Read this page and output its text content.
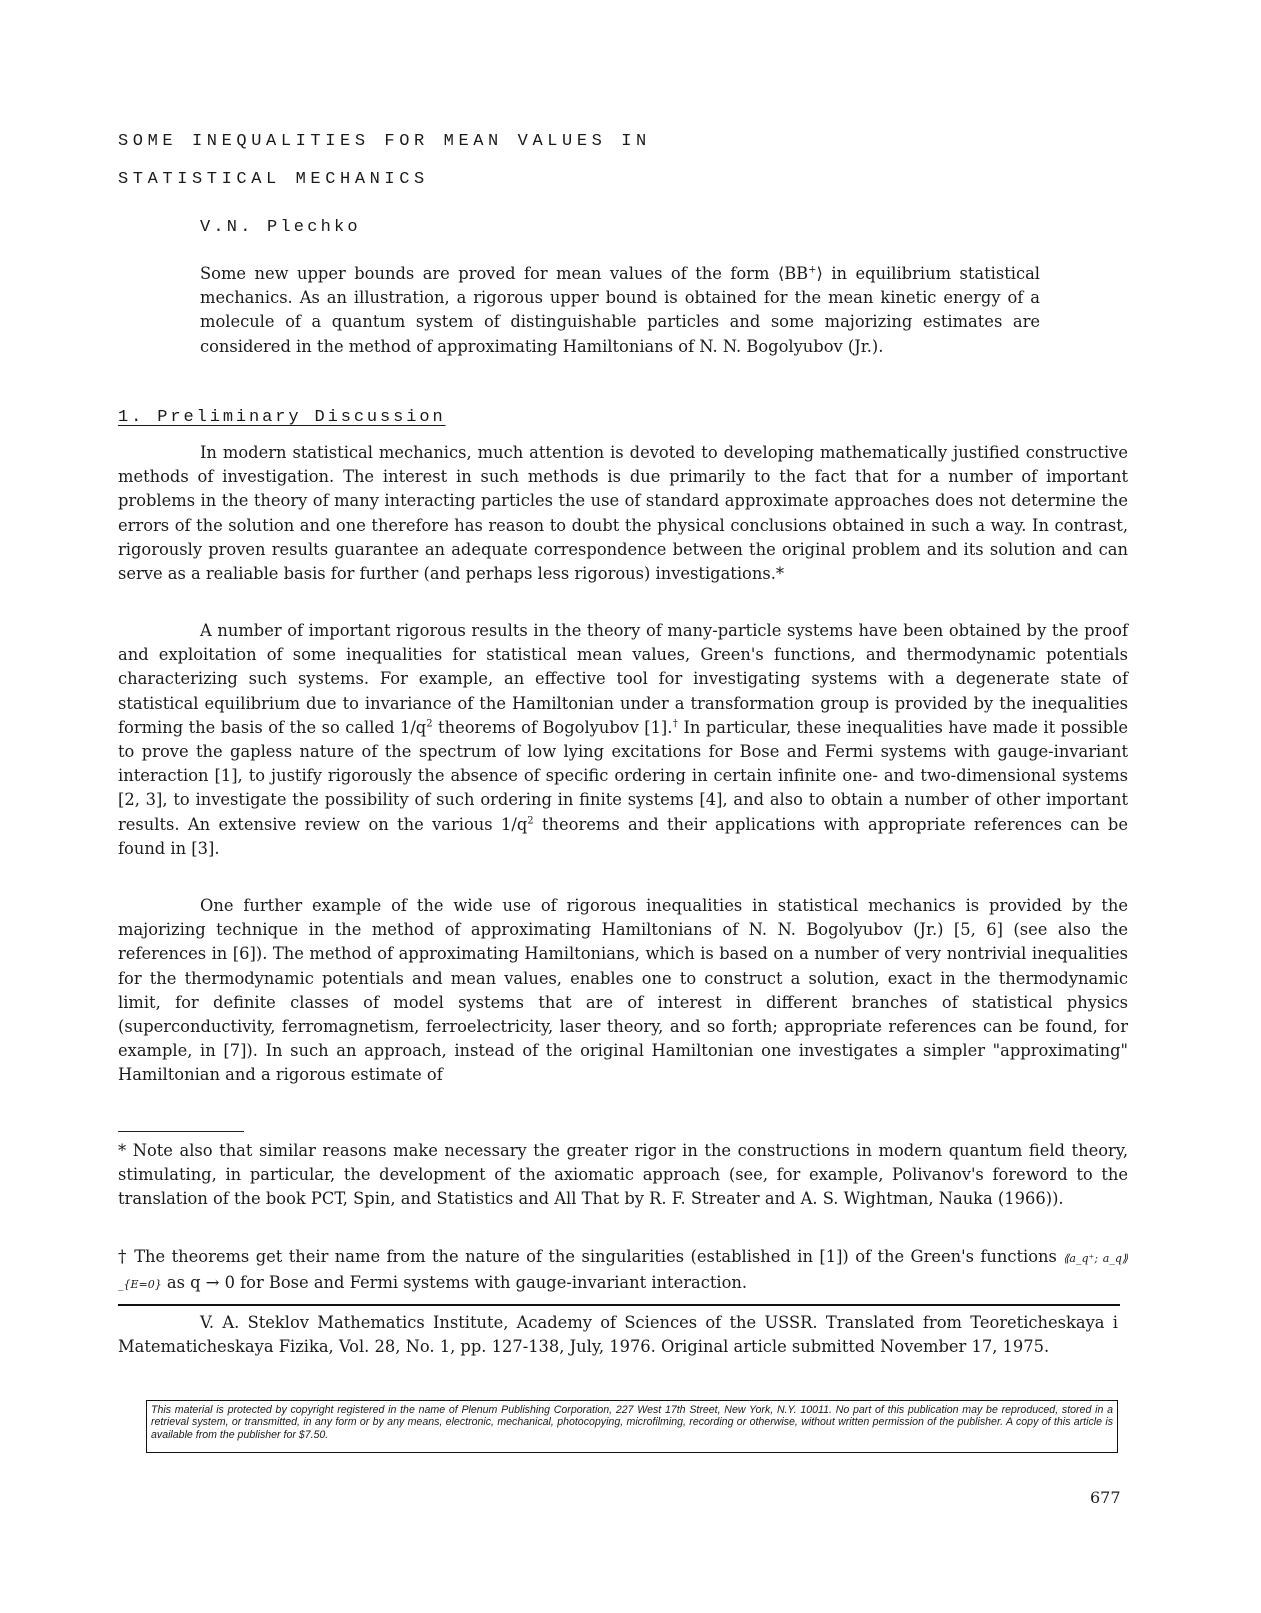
SOME INEQUALITIES FOR MEAN VALUES IN
STATISTICAL MECHANICS
V.N. Plechko
Some new upper bounds are proved for mean values of the form ⟨BB+⟩ in equilibrium statistical mechanics. As an illustration, a rigorous upper bound is obtained for the mean kinetic energy of a molecule of a quantum system of distinguishable particles and some majorizing estimates are considered in the method of approximating Hamiltonians of N. N. Bogolyubov (Jr.).
1. Preliminary Discussion

In modern statistical mechanics, much attention is devoted to developing mathematically justified constructive methods of investigation. The interest in such methods is due primarily to the fact that for a number of important problems in the theory of many interacting particles the use of standard approximate approaches does not determine the errors of the solution and one therefore has reason to doubt the physical conclusions obtained in such a way. In contrast, rigorously proven results guarantee an adequate correspondence between the original problem and its solution and can serve as a realiable basis for further (and perhaps less rigorous) investigations.*

A number of important rigorous results in the theory of many-particle systems have been obtained by the proof and exploitation of some inequalities for statistical mean values, Green's functions, and thermodynamic potentials characterizing such systems. For example, an effective tool for investigating systems with a degenerate state of statistical equilibrium due to invariance of the Hamiltonian under a transformation group is provided by the inequalities forming the basis of the so called $1/q^2$ theorems of Bogolyubov [1].† In particular, these inequalities have made it possible to prove the gapless nature of the spectrum of low lying excitations for Bose and Fermi systems with gauge-invariant interaction [1], to justify rigorously the absence of specific ordering in certain infinite one- and two-dimensional systems [2, 3], to investigate the possibility of such ordering in finite systems [4], and also to obtain a number of other important results. An extensive review on the various $1/q^2$ theorems and their applications with appropriate references can be found in [3].

One further example of the wide use of rigorous inequalities in statistical mechanics is provided by the majorizing technique in the method of approximating Hamiltonians of N. N. Bogolyubov (Jr.) [5, 6] (see also the references in [6]). The method of approximating Hamiltonians, which is based on a number of very nontrivial inequalities for the thermodynamic potentials and mean values, enables one to construct a solution, exact in the thermodynamic limit, for definite classes of model systems that are of interest in different branches of statistical physics (superconductivity, ferromagnetism, ferroelectricity, laser theory, and so forth; appropriate references can be found, for example, in [7]). In such an approach, instead of the original Hamiltonian one investigates a simpler "approximating" Hamiltonian and a rigorous estimate of

* Note also that similar reasons make necessary the greater rigor in the constructions in modern quantum field theory, stimulating, in particular, the development of the axiomatic approach (see, for example, Polivanov's foreword to the translation of the book PCT, Spin, and Statistics and All That by R. F. Streater and A. S. Wightman, Nauka (1966)).

† The theorems get their name from the nature of the singularities (established in [1]) of the Green's functions ⟪a_q⁺; a_q⟫_{E=0} as q → 0 for Bose and Fermi systems with gauge-invariant interaction.

V. A. Steklov Mathematics Institute, Academy of Sciences of the USSR. Translated from Teoreticheskaya i Matematicheskaya Fizika, Vol. 28, No. 1, pp. 127-138, July, 1976. Original article submitted November 17, 1975.

This material is protected by copyright registered in the name of Plenum Publishing Corporation, 227 West 17th Street, New York, N.Y. 10011. No part of this publication may be reproduced, stored in a retrieval system, or transmitted, in any form or by any means, electronic, mechanical, photocopying, microfilming, recording or otherwise, without written permission of the publisher. A copy of this article is available from the publisher for $7.50.
677
